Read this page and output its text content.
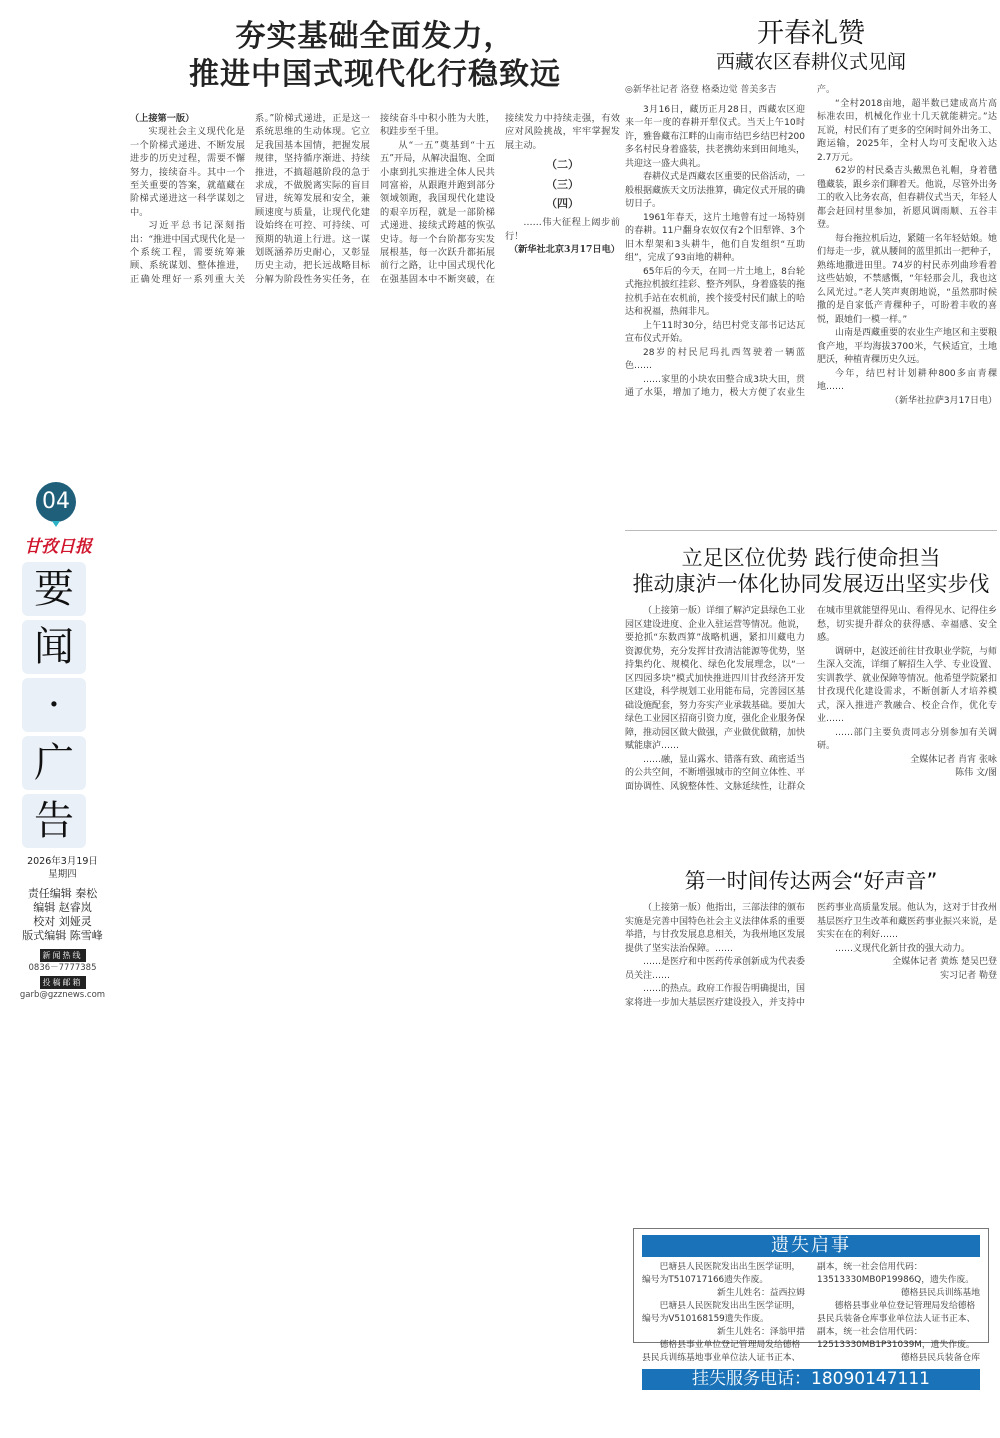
04
甘孜日报
要
闻
·
广
告
2026年3月19日
星期四
责任编辑 秦松
编辑 赵睿岚
校对 刘娅灵
版式编辑 陈雪峰
新闻热线
0836－7777385
投稿邮箱
garb@gzznews.com
夯实基础全面发力，
推进中国式现代化行稳致远

（上接第一版）

实现社会主义现代化是一个阶梯式递进、不断发展进步的历史过程，需要不懈努力，接续奋斗。其中一个至关重要的答案，就蕴藏在阶梯式递进这一科学谋划之中。

习近平总书记深刻指出：“推进中国式现代化是一个系统工程，需要统筹兼顾、系统谋划、整体推进，正确处理好一系列重大关系。”阶梯式递进，正是这一系统思维的生动体现。它立足我国基本国情，把握发展规律，坚持循序渐进、持续推进，不搞超越阶段的急于求成，不做脱离实际的盲目冒进，统筹发展和安全，兼顾速度与质量，让现代化建设始终在可控、可持续、可预期的轨道上行进。这一谋划既涵养历史耐心，又彰显历史主动，把长远战略目标分解为阶段性务实任务，在接续奋斗中积小胜为大胜，积跬步至千里。

从“一五”奠基到“十五五”开局，从解决温饱、全面小康到扎实推进全体人民共同富裕，从跟跑并跑到部分领域领跑，我国现代化建设的艰辛历程，就是一部阶梯式递进、接续式跨越的恢弘史诗。每一个台阶都夯实发展根基，每一次跃升都拓展前行之路，让中国式现代化在强基固本中不断突破，在接续发力中持续走强，有效应对风险挑战，牢牢掌握发展主动。

（二）
（三）
（四）

……伟大征程上阔步前行！

（新华社北京3月17日电）

开春礼赞
西藏农区春耕仪式见闻

◎新华社记者 洛登 格桑边觉 普美多吉

3月16日，藏历正月28日，西藏农区迎来一年一度的春耕开犁仪式。当天上午10时许，雅鲁藏布江畔的山南市结巴乡结巴村200多名村民身着盛装，扶老携幼来到田间地头，共迎这一盛大典礼。

春耕仪式是西藏农区重要的民俗活动，一般根据藏族天文历法推算，确定仪式开展的确切日子。

1961年春天，这片土地曾有过一场特别的春耕。11户翻身农奴仅有2个旧犁铧、3个旧木犁架和3头耕牛，他们自发组织“互助组”，完成了93亩地的耕种。

65年后的今天，在同一片土地上，8台轮式拖拉机披红挂彩、整齐列队，身着盛装的拖拉机手站在农机前，挨个接受村民们献上的哈达和祝福，热闹非凡。

上午11时30分，结巴村党支部书记达瓦宣布仪式开始。

28岁的村民尼玛扎西驾驶着一辆蓝色……

……家里的小块农田整合成3块大田，贯通了水渠，增加了地力，极大方便了农业生产。

“全村2018亩地，超半数已建成高片高标准农田，机械化作业十几天就能耕完。”达瓦说，村民们有了更多的空闲时间外出务工、跑运输，2025年，全村人均可支配收入达2.7万元。

62岁的村民桑吉头戴黑色礼帽，身着氆氇藏装，跟乡亲们聊着天。他说，尽管外出务工的收入比务农高，但春耕仪式当天，年轻人都会赶回村里参加，祈愿风调雨顺、五谷丰登。

每台拖拉机后边，紧随一名年轻姑娘。她们每走一步，就从腰间的蓝里抓出一把种子，熟练地撒进田里。74岁的村民赤列曲珍看着这些姑娘，不禁感慨，“年轻那会儿，我也这么风光过。”老人笑声爽朗地说，“虽然那时候撒的是自家低产青稞种子，可盼着丰收的喜悦，跟她们一模一样。”

山南是西藏重要的农业生产地区和主要粮食产地，平均海拔3700米，气候适宜，土地肥沃，种植青稞历史久远。

今年，结巴村计划耕种800多亩青稞地……

（新华社拉萨3月17日电）

立足区位优势 践行使命担当
推动康泸一体化协同发展迈出坚实步伐

（上接第一版）详细了解泸定县绿色工业园区建设进度、企业入驻运营等情况。他说，要抢抓“东数西算”战略机遇，紧扣川藏电力资源优势，充分发挥甘孜清洁能源等优势，坚持集约化、规模化、绿色化发展理念，以“一区四园多块”模式加快推进四川甘孜经济开发区建设，科学规划工业用能布局，完善园区基础设施配套，努力夯实产业承载基础。要加大绿色工业园区招商引资力度，强化企业服务保障，推动园区做大做强，产业做优做精，加快赋能康泸……

……融，显山露水、错落有致、疏密适当的公共空间，不断增强城市的空间立体性、平面协调性、风貌整体性、文脉延续性，让群众在城市里就能望得见山、看得见水、记得住乡愁，切实提升群众的获得感、幸福感、安全感。

调研中，赵波还前往甘孜职业学院，与师生深入交流，详细了解招生入学、专业设置、实训教学、就业保障等情况。他希望学院紧扣甘孜现代化建设需求，不断创新人才培养模式，深入推进产教融合、校企合作，优化专业……

……部门主要负责同志分别参加有关调研。

全媒体记者 肖宵 张咏

陈伟 文/图

第一时间传达两会“好声音”

（上接第一版）他指出，三部法律的颁布实施是完善中国特色社会主义法律体系的重要举措，与甘孜发展息息相关，为我州地区发展提供了坚实法治保障。……

……是医疗和中医药传承创新成为代表委员关注……

……的热点。政府工作报告明确提出，国家将进一步加大基层医疗建设投入，并支持中医药事业高质量发展。他认为，这对于甘孜州基层医疗卫生改革和藏医药事业振兴来说，是实实在在的利好……

……义现代化新甘孜的强大动力。

全媒体记者 黄炼 楚吴巴登

实习记者 勒登

遗失启事

巴塘县人民医院发出出生医学证明，编号为T510717166遗失作废。

新生儿姓名：益西拉姆

巴塘县人民医院发出出生医学证明，编号为V510168159遗失作废。

新生儿姓名：泽翁甲措

德格县事业单位登记管理局发给德格县民兵训练基地事业单位法人证书正本、副本，统一社会信用代码：13513330MB0P19986Q，遗失作废。

德格县民兵训练基地

德格县事业单位登记管理局发给德格县民兵装备仓库事业单位法人证书正本、副本，统一社会信用代码：12513330MB1P31039M，遗失作废。

德格县民兵装备仓库

挂失服务电话：18090147111
